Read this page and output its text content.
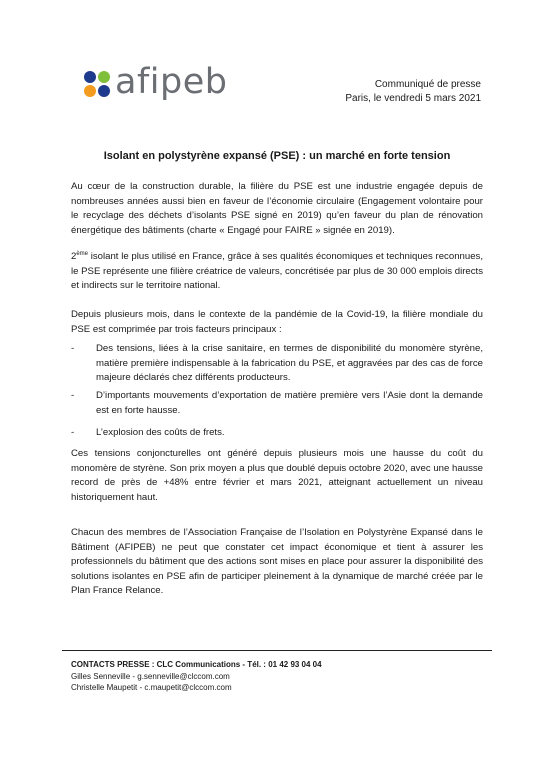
afipeb	Communiqué de presse
Paris, le vendredi 5 mars 2021
Isolant en polystyrène expansé (PSE) : un marché en forte tension

Au cœur de la construction durable, la filière du PSE est une industrie engagée depuis de nombreuses années aussi bien en faveur de l’économie circulaire (Engagement volontaire pour le recyclage des déchets d’isolants PSE signé en 2019) qu’en faveur du plan de rénovation énergétique des bâtiments (charte « Engagé pour FAIRE » signée en 2019).

2ème isolant le plus utilisé en France, grâce à ses qualités économiques et techniques reconnues, le PSE représente une filière créatrice de valeurs, concrétisée par plus de 30 000 emplois directs et indirects sur le territoire national.

Depuis plusieurs mois, dans le contexte de la pandémie de la Covid-19, la filière mondiale du PSE est comprimée par trois facteurs principaux :

- Des tensions, liées à la crise sanitaire, en termes de disponibilité du monomère styrène, matière première indispensable à la fabrication du PSE, et aggravées par des cas de force majeure déclarés chez différents producteurs.
- D’importants mouvements d’exportation de matière première vers l’Asie dont la demande est en forte hausse.
- L’explosion des coûts de frets.

Ces tensions conjoncturelles ont généré depuis plusieurs mois une hausse du coût du monomère de styrène. Son prix moyen a plus que doublé depuis octobre 2020, avec une hausse record de près de +48% entre février et mars 2021, atteignant actuellement un niveau historiquement haut.

Chacun des membres de l’Association Française de l’Isolation en Polystyrène Expansé dans le Bâtiment (AFIPEB) ne peut que constater cet impact économique et tient à assurer les professionnels du bâtiment que des actions sont mises en place pour assurer la disponibilité des solutions isolantes en PSE afin de participer pleinement à la dynamique de marché créée par le Plan France Relance.

CONTACTS PRESSE : CLC Communications - Tél. : 01 42 93 04 04
Gilles Senneville - g.senneville@clccom.com
Christelle Maupetit - c.maupetit@clccom.com
